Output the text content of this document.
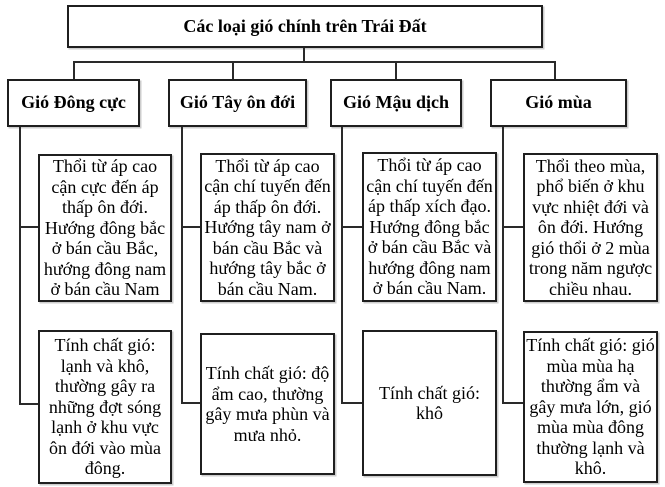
Các loại gió chính trên Trái Đất
Gió Đông cực	Gió Tây ôn đới	Gió Mậu dịch	Gió mùa
Thổi từ áp cao cận cực đến áp thấp ôn đới. Hướng đông bắc ở bán cầu Bắc, hướng đông nam ở bán cầu Nam
Thổi từ áp cao cận chí tuyến đến áp thấp ôn đới. Hướng tây nam ở bán cầu Bắc và hướng tây bắc ở bán cầu Nam.
Thổi từ áp cao cận chí tuyến đến áp thấp xích đạo. Hướng đông bắc ở bán cầu Bắc và hướng đông nam ở bán cầu Nam.
Thổi theo mùa, phổ biến ở khu vực nhiệt đới và ôn đới. Hướng gió thổi ở 2 mùa trong năm ngược chiều nhau.
Tính chất gió: lạnh và khô, thường gây ra những đợt sóng lạnh ở khu vực ôn đới vào mùa đông.
Tính chất gió: độ ẩm cao, thường gây mưa phùn và mưa nhỏ.
Tính chất gió: khô
Tính chất gió: gió mùa mùa hạ thường ẩm và gây mưa lớn, gió mùa mùa đông thường lạnh và khô.
